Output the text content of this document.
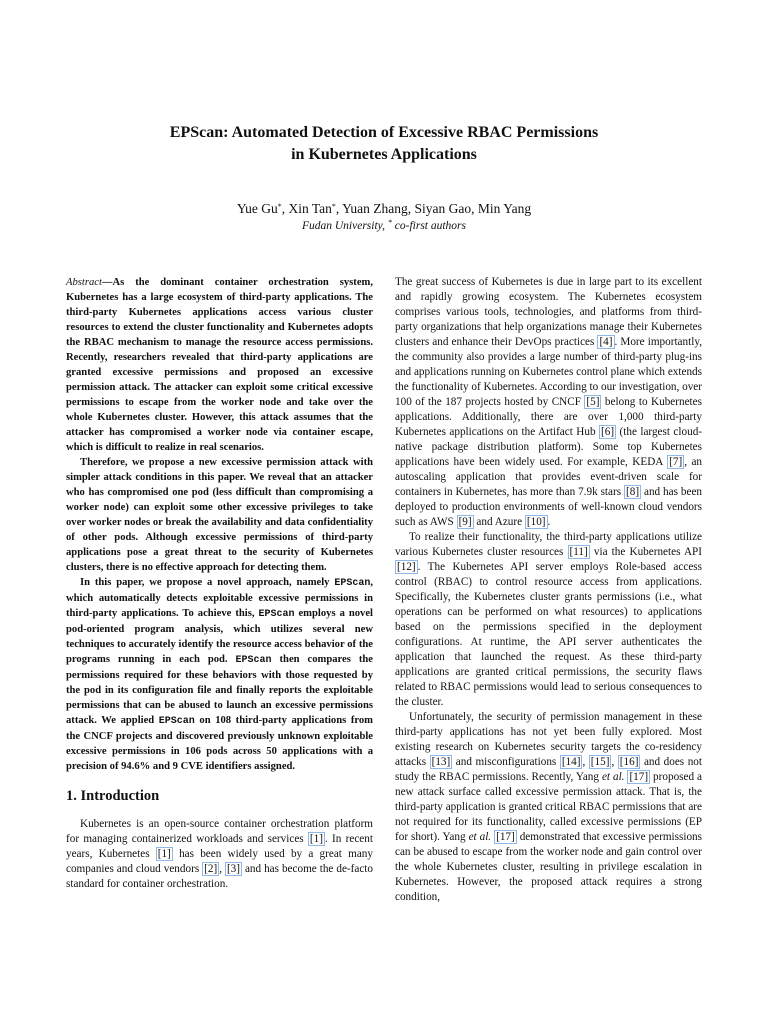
EPScan: Automated Detection of Excessive RBAC Permissions
in Kubernetes Applications
Yue Gu*, Xin Tan*, Yuan Zhang, Siyan Gao, Min Yang
Fudan University, * co-first authors

Abstract—As the dominant container orchestration system, Kubernetes has a large ecosystem of third-party applications. The third-party Kubernetes applications access various cluster resources to extend the cluster functionality and Kubernetes adopts the RBAC mechanism to manage the resource access permissions. Recently, researchers revealed that third-party applications are granted excessive permissions and proposed an excessive permission attack. The attacker can exploit some critical excessive permissions to escape from the worker node and take over the whole Kubernetes cluster. However, this attack assumes that the attacker has compromised a worker node via container escape, which is difficult to realize in real scenarios.

Therefore, we propose a new excessive permission attack with simpler attack conditions in this paper. We reveal that an attacker who has compromised one pod (less difficult than compromising a worker node) can exploit some other excessive privileges to take over worker nodes or break the availability and data confidentiality of other pods. Although excessive permissions of third-party applications pose a great threat to the security of Kubernetes clusters, there is no effective approach for detecting them.

In this paper, we propose a novel approach, namely EPScan, which automatically detects exploitable excessive permissions in third-party applications. To achieve this, EPScan employs a novel pod-oriented program analysis, which utilizes several new techniques to accurately identify the resource access behavior of the programs running in each pod. EPScan then compares the permissions required for these behaviors with those requested by the pod in its configuration file and finally reports the exploitable permissions that can be abused to launch an excessive permissions attack. We applied EPScan on 108 third-party applications from the CNCF projects and discovered previously unknown exploitable excessive permissions in 106 pods across 50 applications with a precision of 94.6% and 9 CVE identifiers assigned.

1. Introduction

Kubernetes is an open-source container orchestration platform for managing containerized workloads and services [1] . In recent years, Kubernetes [1] has been widely used by a great many companies and cloud vendors [2] , [3] and has become the de-facto standard for container orchestration.

The great success of Kubernetes is due in large part to its excellent and rapidly growing ecosystem. The Kubernetes ecosystem comprises various tools, technologies, and platforms from third-party organizations that help organizations manage their Kubernetes clusters and enhance their DevOps practices [4] . More importantly, the community also provides a large number of third-party plug-ins and applications running on Kubernetes control plane which extends the functionality of Kubernetes. According to our investigation, over 100 of the 187 projects hosted by CNCF [5] belong to Kubernetes applications. Additionally, there are over 1,000 third-party Kubernetes applications on the Artifact Hub [6] (the largest cloud-native package distribution platform). Some top Kubernetes applications have been widely used. For example, KEDA [7] , an autoscaling application that provides event-driven scale for containers in Kubernetes, has more than 7.9k stars [8] and has been deployed to production environments of well-known cloud vendors such as AWS [9] and Azure [10] .

To realize their functionality, the third-party applications utilize various Kubernetes cluster resources [11] via the Kubernetes API [12] . The Kubernetes API server employs Role-based access control (RBAC) to control resource access from applications. Specifically, the Kubernetes cluster grants permissions (i.e., what operations can be performed on what resources) to applications based on the permissions specified in the deployment configurations. At runtime, the API server authenticates the application that launched the request. As these third-party applications are granted critical permissions, the security flaws related to RBAC permissions would lead to serious consequences to the cluster.

Unfortunately, the security of permission management in these third-party applications has not yet been fully explored. Most existing research on Kubernetes security targets the co-residency attacks [13] and misconfigurations [14] , [15] , [16] and does not study the RBAC permissions. Recently, Yang et al. [17] proposed a new attack surface called excessive permission attack. That is, the third-party application is granted critical RBAC permissions that are not required for its functionality, called excessive permissions (EP for short). Yang et al. [17] demonstrated that excessive permissions can be abused to escape from the worker node and gain control over the whole Kubernetes cluster, resulting in privilege escalation in Kubernetes. However, the proposed attack requires a strong condition,
